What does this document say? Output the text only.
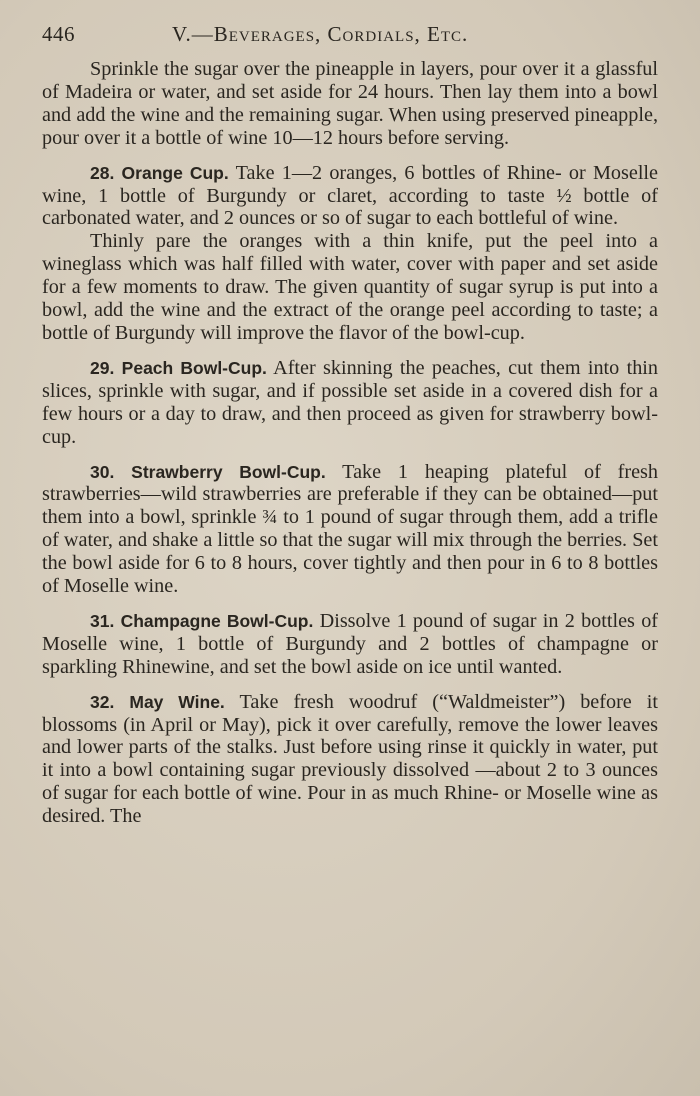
446	V.—Beverages, Cordials, Etc.

Sprinkle the sugar over the pineapple in layers, pour over it a glassful of Madeira or water, and set aside for 24 hours. Then lay them into a bowl and add the wine and the remaining sugar. When using preserved pineapple, pour over it a bottle of wine 10—12 hours before serving.

28. Orange Cup. Take 1—2 oranges, 6 bottles of Rhine- or Moselle wine, 1 bottle of Burgundy or claret, according to taste ½ bottle of carbonated water, and 2 ounces or so of sugar to each bottleful of wine.

Thinly pare the oranges with a thin knife, put the peel into a wineglass which was half filled with water, cover with paper and set aside for a few moments to draw. The given quantity of sugar syrup is put into a bowl, add the wine and the extract of the orange peel according to taste; a bottle of Burgundy will improve the flavor of the bowl-cup.

29. Peach Bowl-Cup. After skinning the peaches, cut them into thin slices, sprinkle with sugar, and if possible set aside in a covered dish for a few hours or a day to draw, and then proceed as given for strawberry bowl-cup.

30. Strawberry Bowl-Cup. Take 1 heaping plateful of fresh strawberries—wild strawberries are preferable if they can be obtained—put them into a bowl, sprinkle ¾ to 1 pound of sugar through them, add a trifle of water, and shake a little so that the sugar will mix through the berries. Set the bowl aside for 6 to 8 hours, cover tightly and then pour in 6 to 8 bottles of Moselle wine.

31. Champagne Bowl-Cup. Dissolve 1 pound of sugar in 2 bottles of Moselle wine, 1 bottle of Burgundy and 2 bottles of champagne or sparkling Rhinewine, and set the bowl aside on ice until wanted.

32. May Wine. Take fresh woodruf (“Waldmeister”) before it blossoms (in April or May), pick it over carefully, remove the lower leaves and lower parts of the stalks. Just before using rinse it quickly in water, put it into a bowl containing sugar previously dissolved —about 2 to 3 ounces of sugar for each bottle of wine. Pour in as much Rhine- or Moselle wine as desired. The
